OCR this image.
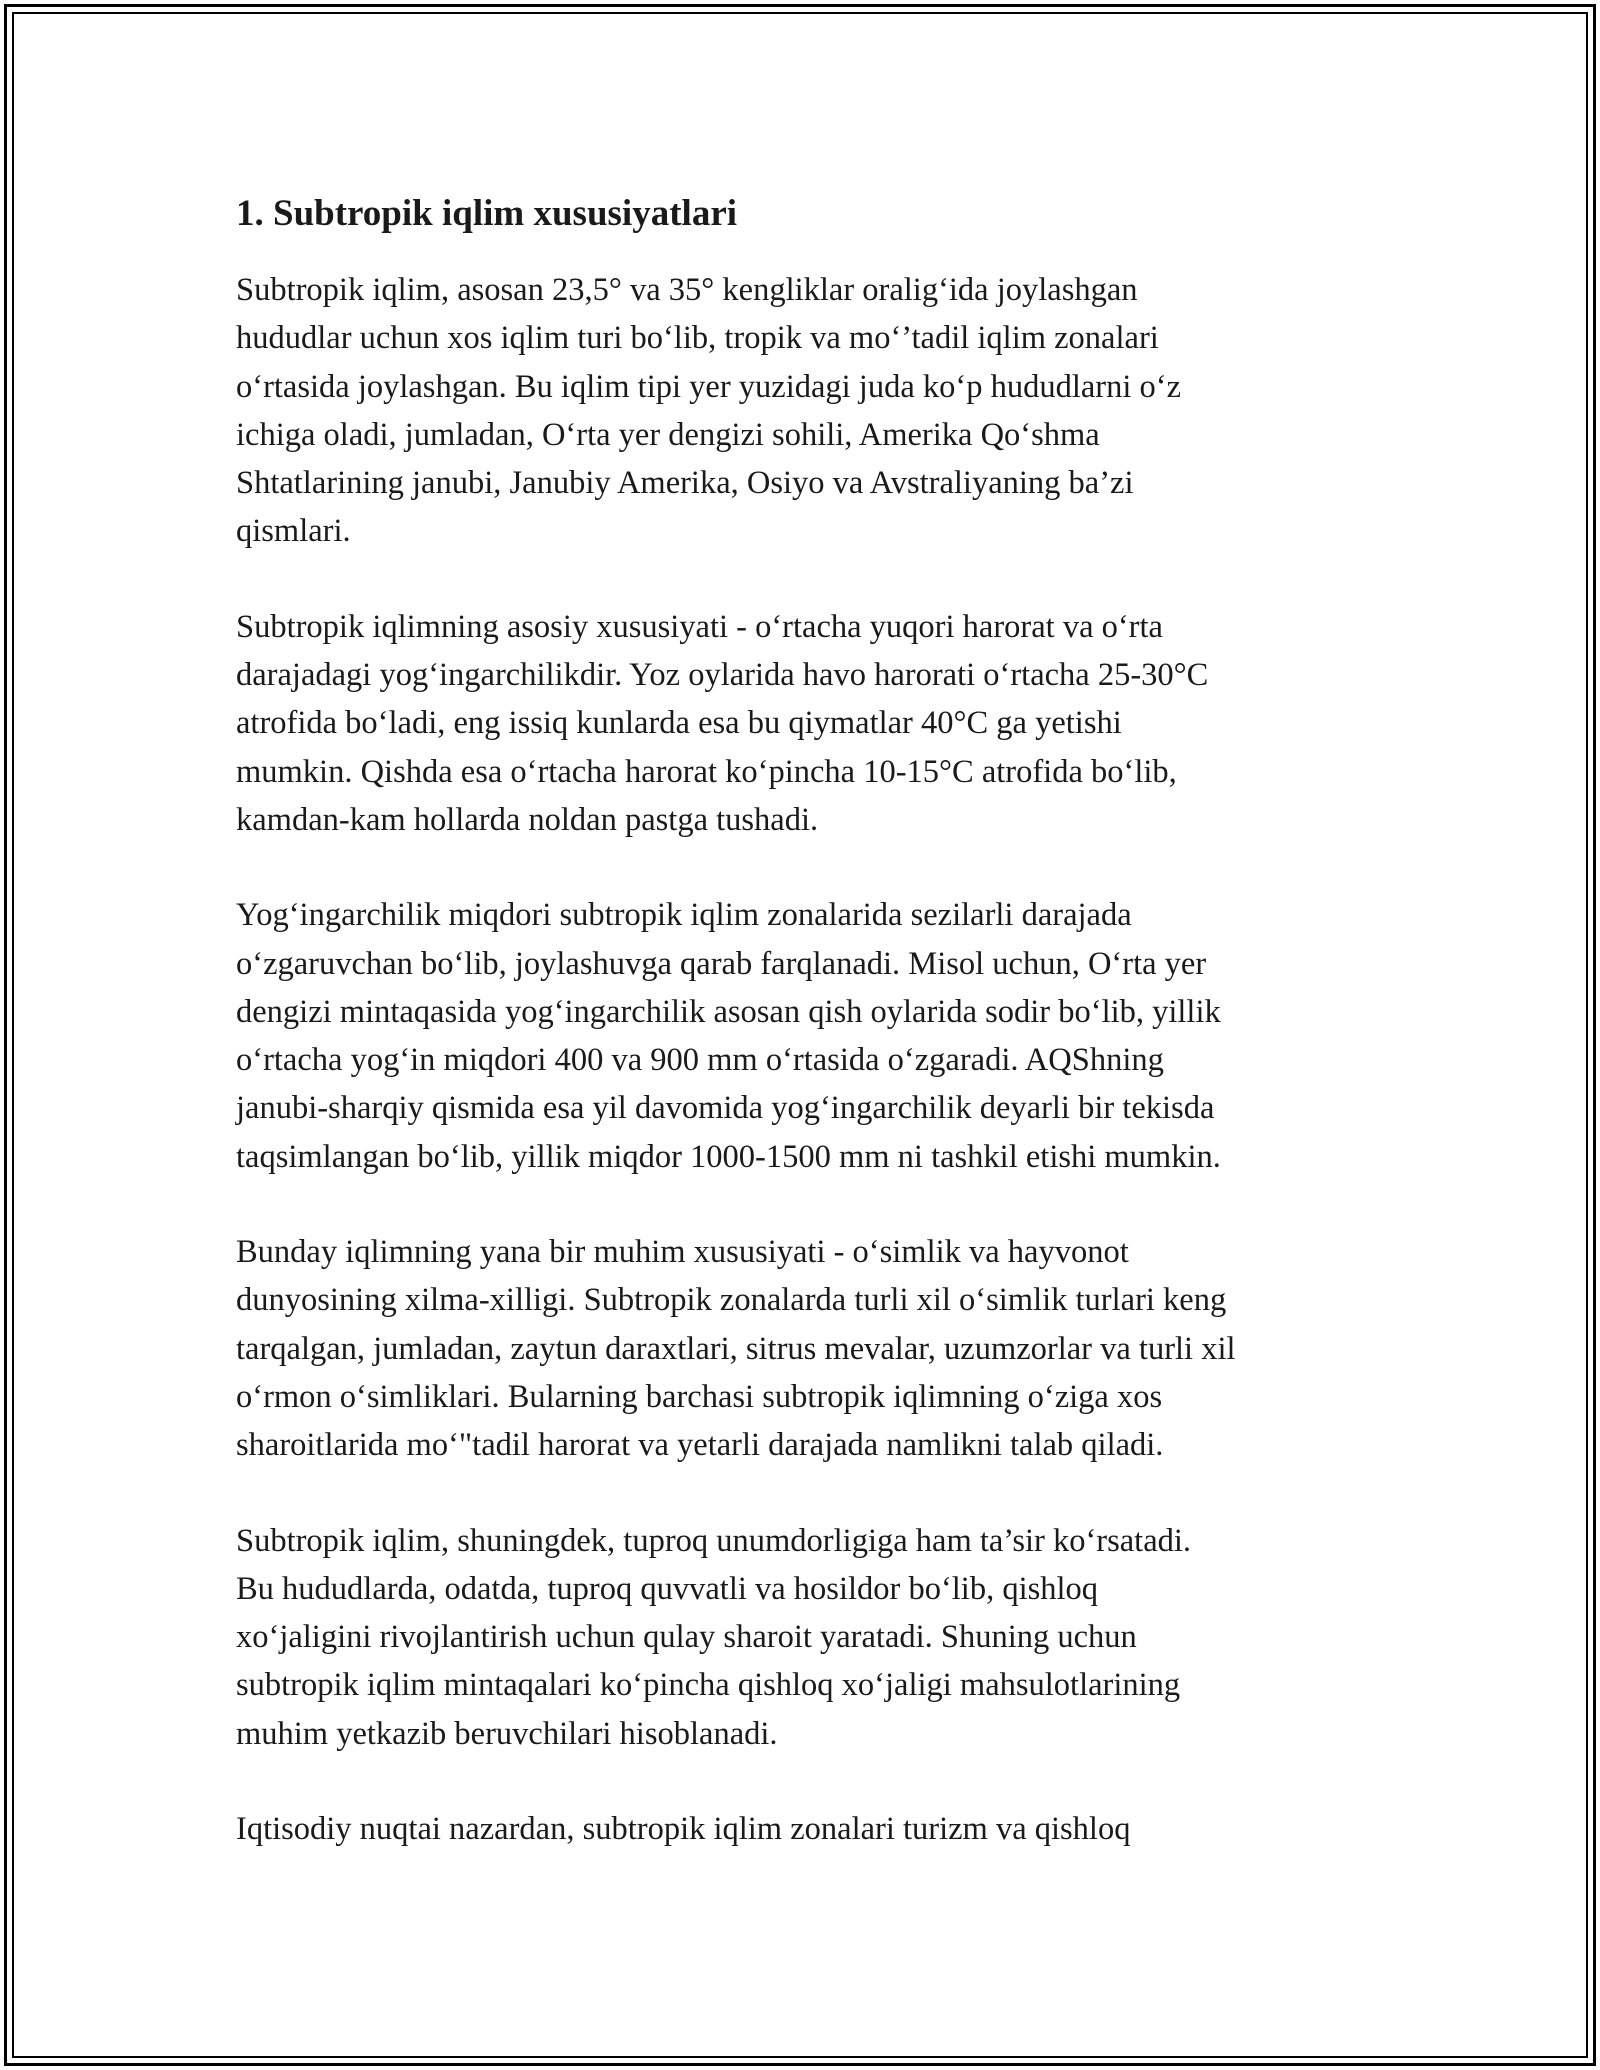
1. Subtropik iqlim xususiyatlari

Subtropik iqlim, asosan 23,5° va 35° kengliklar oralig‘ida joylashgan
hududlar uchun xos iqlim turi bo‘lib, tropik va mo‘’tadil iqlim zonalari
o‘rtasida joylashgan. Bu iqlim tipi yer yuzidagi juda ko‘p hududlarni o‘z
ichiga oladi, jumladan, O‘rta yer dengizi sohili, Amerika Qo‘shma
Shtatlarining janubi, Janubiy Amerika, Osiyo va Avstraliyaning ba’zi
qismlari.

Subtropik iqlimning asosiy xususiyati - o‘rtacha yuqori harorat va o‘rta
darajadagi yog‘ingarchilikdir. Yoz oylarida havo harorati o‘rtacha 25-30°C
atrofida bo‘ladi, eng issiq kunlarda esa bu qiymatlar 40°C ga yetishi
mumkin. Qishda esa o‘rtacha harorat ko‘pincha 10-15°C atrofida bo‘lib,
kamdan-kam hollarda noldan pastga tushadi.

Yog‘ingarchilik miqdori subtropik iqlim zonalarida sezilarli darajada
o‘zgaruvchan bo‘lib, joylashuvga qarab farqlanadi. Misol uchun, O‘rta yer
dengizi mintaqasida yog‘ingarchilik asosan qish oylarida sodir bo‘lib, yillik
o‘rtacha yog‘in miqdori 400 va 900 mm o‘rtasida o‘zgaradi. AQShning
janubi-sharqiy qismida esa yil davomida yog‘ingarchilik deyarli bir tekisda
taqsimlangan bo‘lib, yillik miqdor 1000-1500 mm ni tashkil etishi mumkin.

Bunday iqlimning yana bir muhim xususiyati - o‘simlik va hayvonot
dunyosining xilma-xilligi. Subtropik zonalarda turli xil o‘simlik turlari keng
tarqalgan, jumladan, zaytun daraxtlari, sitrus mevalar, uzumzorlar va turli xil
o‘rmon o‘simliklari. Bularning barchasi subtropik iqlimning o‘ziga xos
sharoitlarida mo‘"tadil harorat va yetarli darajada namlikni talab qiladi.

Subtropik iqlim, shuningdek, tuproq unumdorligiga ham ta’sir ko‘rsatadi.
Bu hududlarda, odatda, tuproq quvvatli va hosildor bo‘lib, qishloq
xo‘jaligini rivojlantirish uchun qulay sharoit yaratadi. Shuning uchun
subtropik iqlim mintaqalari ko‘pincha qishloq xo‘jaligi mahsulotlarining
muhim yetkazib beruvchilari hisoblanadi.

Iqtisodiy nuqtai nazardan, subtropik iqlim zonalari turizm va qishloq
